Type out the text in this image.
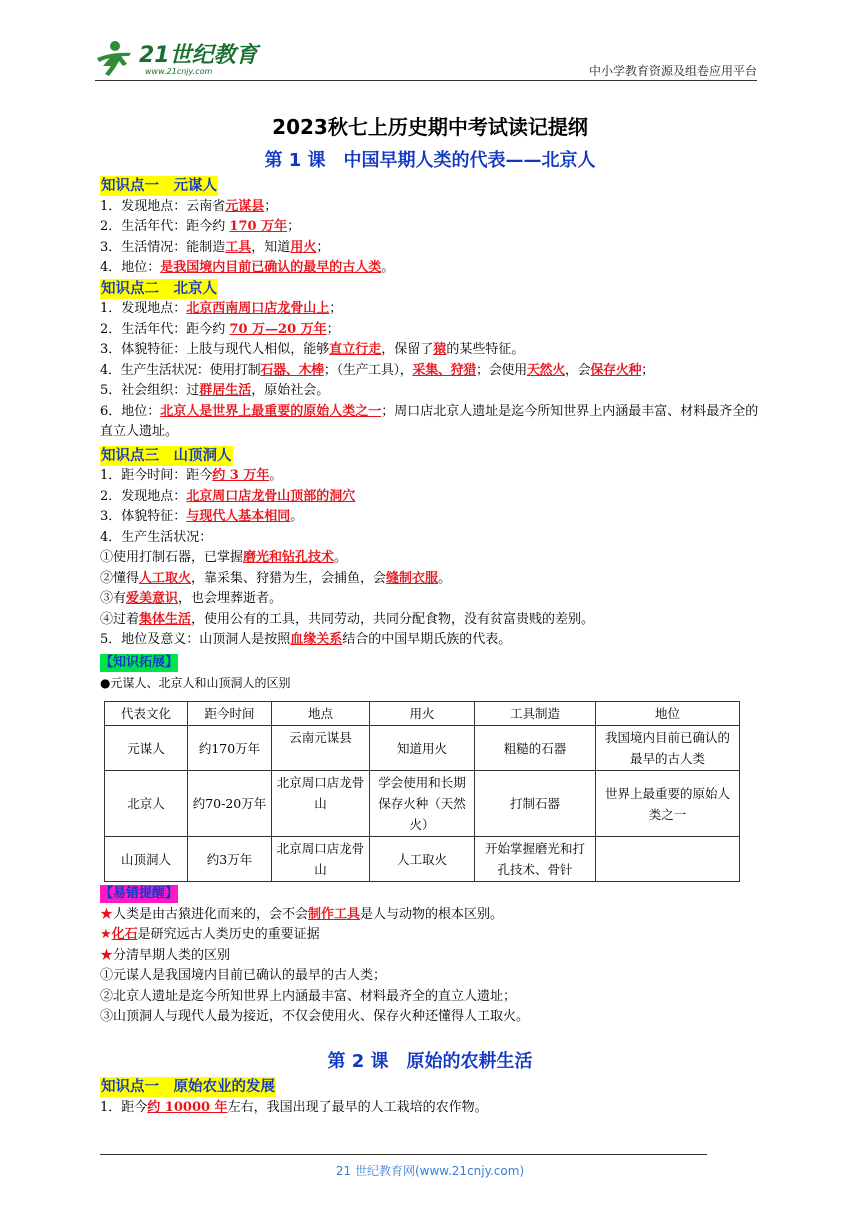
21世纪教育
www.21cnjy.com	中小学教育资源及组卷应用平台
2023秋七上历史期中考试读记提纲
第 1 课　中国早期人类的代表——北京人
知识点一　元谋人
1．发现地点：云南省元谋县；
2．生活年代：距今约 170 万年；
3．生活情况：能制造工具，知道用火；
4．地位：是我国境内目前已确认的最早的古人类。
知识点二　北京人
1．发现地点：北京西南周口店龙骨山上；
2．生活年代：距今约 70 万—20 万年；
3．体貌特征：上肢与现代人相似，能够直立行走，保留了猿的某些特征。
4．生产生活状况：使用打制石器、木棒；（生产工具），采集、狩猎；会使用天然火，会保存火种；
5．社会组织：过群居生活，原始社会。
6．地位：北京人是世界上最重要的原始人类之一；周口店北京人遗址是迄今所知世界上内涵最丰富、材料最齐全的直立人遗址。
知识点三　山顶洞人
1．距今时间：距今约 3 万年。
2．发现地点：北京周口店龙骨山顶部的洞穴
3．体貌特征：与现代人基本相同。
4．生产生活状况：
①使用打制石器，已掌握磨光和钻孔技术。
②懂得人工取火，靠采集、狩猎为生，会捕鱼，会缝制衣服。
③有爱美意识，也会埋葬逝者。
④过着集体生活，使用公有的工具，共同劳动，共同分配食物，没有贫富贵贱的差别。
5．地位及意义：山顶洞人是按照血缘关系结合的中国早期氏族的代表。
【知识拓展】
●元谋人、北京人和山顶洞人的区别
代表文化	距今时间	地点	用火	工具制造	地位
元谋人	约170万年	云南元谋县	知道用火	粗糙的石器	我国境内目前已确认的最早的古人类
北京人	约70-20万年	北京周口店龙骨山	学会使用和长期保存火种（天然火）	打制石器	世界上最重要的原始人类之一
山顶洞人	约3万年	北京周口店龙骨山	人工取火	开始掌握磨光和打孔技术、骨针	
【易错提醒】
★人类是由古猿进化而来的，会不会制作工具是人与动物的根本区别。
★化石是研究远古人类历史的重要证据
★分清早期人类的区别
①元谋人是我国境内目前已确认的最早的古人类；
②北京人遗址是迄今所知世界上内涵最丰富、材料最齐全的直立人遗址；
③山顶洞人与现代人最为接近，不仅会使用火、保存火种还懂得人工取火。
第 2 课　原始的农耕生活
知识点一　原始农业的发展
1．距今约 10000 年左右，我国出现了最早的人工栽培的农作物。
21 世纪教育网(www.21cnjy.com)
